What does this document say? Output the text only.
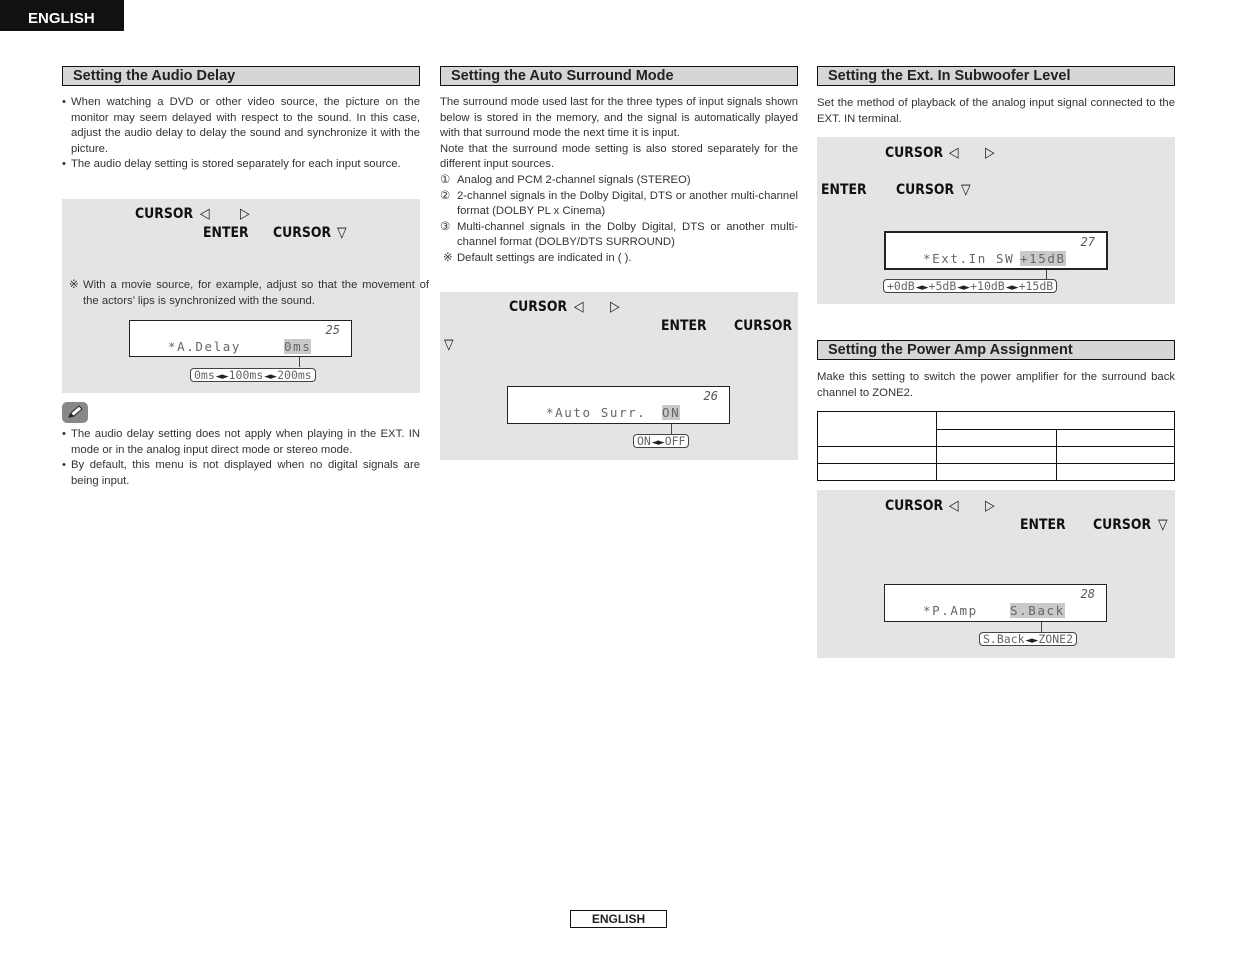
ENGLISH
Setting the Audio Delay
• When watching a DVD or other video source, the picture on the monitor may seem delayed with respect to the sound. In this case, adjust the audio delay to delay the sound and synchronize it with the picture.
• The audio delay setting is stored separately for each input source.
CURSOR ◁ ▷
ENTER CURSOR ▽
※ With a movie source, for example, adjust so that the movement of the actors’ lips is synchronized with the sound.
25
*A.Delay	0ms
0ms◄►100ms◄►200ms
• The audio delay setting does not apply when playing in the EXT. IN mode or in the analog input direct mode or stereo mode.
• By default, this menu is not displayed when no digital signals are being input.
Setting the Auto Surround Mode
The surround mode used last for the three types of input signals shown below is stored in the memory, and the signal is automatically played with that surround mode the next time it is input.
Note that the surround mode setting is also stored separately for the different input sources.
① Analog and PCM 2-channel signals (STEREO)
② 2-channel signals in the Dolby Digital, DTS or another multi-channel format (DOLBY PL x Cinema)
③ Multi-channel signals in the Dolby Digital, DTS or another multi-channel format (DOLBY/DTS SURROUND)
※ Default settings are indicated in ( ).
CURSOR ◁ ▷
ENTER CURSOR
▽
26
*Auto Surr. ON
ON◄►OFF
Setting the Ext. In Subwoofer Level
Set the method of playback of the analog input signal connected to the EXT. IN terminal.
CURSOR ◁ ▷
ENTER CURSOR ▽
27
*Ext.In SW +15dB
+0dB◄►+5dB◄►+10dB◄►+15dB
Setting the Power Amp Assignment
Make this setting to switch the power amplifier for the surround back channel to ZONE2.

CURSOR ◁ ▷
ENTER CURSOR ▽
28
*P.Amp	S.Back
S.Back◄►ZONE2
ENGLISH
